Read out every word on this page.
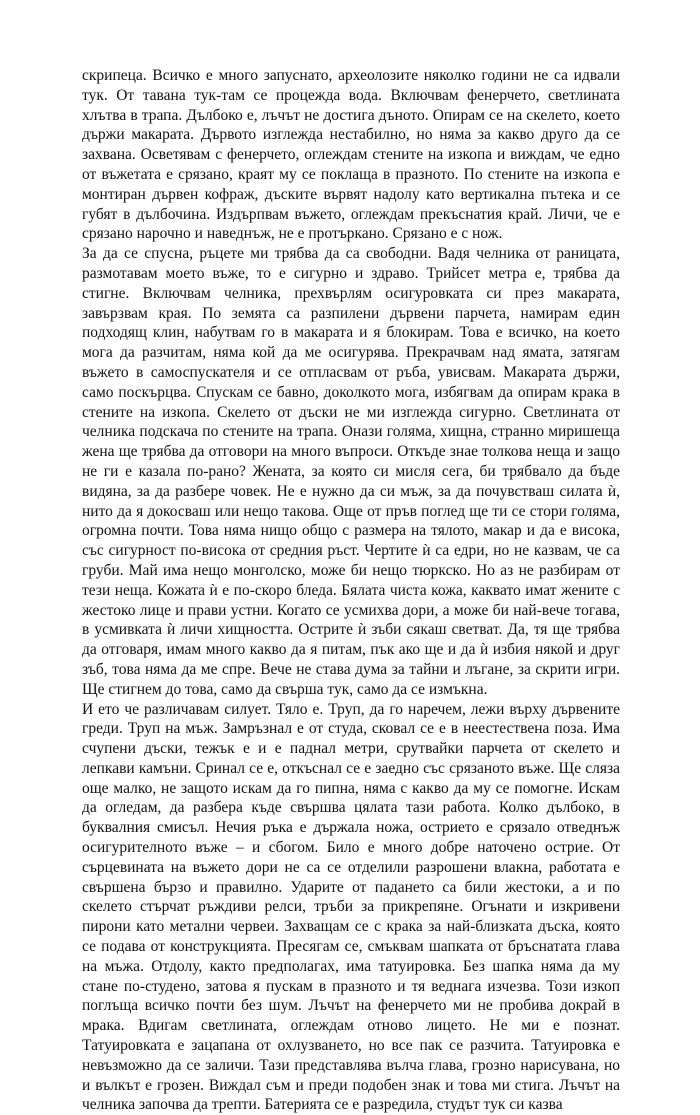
скрипеца. Всичко е много запуснато, археолозите няколко години не са идвали тук. От тавана тук-там се процежда вода. Включвам фенерчето, светлината хлътва в трапа. Дълбоко е, лъчът не достига дъното. Опирам се на скелето, което държи макарата. Дървото изглежда нестабилно, но няма за какво друго да се захвана. Осветявам с фенерчето, оглеждам стените на изкопа и виждам, че едно от въжетата е срязано, краят му се поклаща в празното. По стените на изкопа е монтиран дървен кофраж, дъските вървят надолу като вертикална пътека и се губят в дълбочина. Издърпвам въжето, оглеждам прекъснатия край. Личи, че е срязано нарочно и наведнъж, не е протъркано. Срязано е с нож.

За да се спусна, ръцете ми трябва да са свободни. Вадя челника от раницата, размотавам моето въже, то е сигурно и здраво. Трийсет метра е, трябва да стигне. Включвам челника, прехвърлям осигуровката си през макарата, завързвам края. По земята са разпилени дървени парчета, намирам един подходящ клин, набутвам го в макарата и я блокирам. Това е всичко, на което мога да разчитам, няма кой да ме осигурява. Прекрачвам над ямата, затягам въжето в самоспускателя и се отпласвам от ръба, увисвам. Макарата държи, само поскърцва. Спускам се бавно, доколкото мога, избягвам да опирам крака в стените на изкопа. Скелето от дъски не ми изглежда сигурно. Светлината от челника подскача по стените на трапа. Онази голяма, хищна, странно миришеща жена ще трябва да отговори на много въпроси. Откъде знае толкова неща и защо не ги е казала по-рано? Жената, за която си мисля сега, би трябвало да бъде видяна, за да разбере човек. Не е нужно да си мъж, за да почувстваш силата ѝ, нито да я докосваш или нещо такова. Още от пръв поглед ще ти се стори голяма, огромна почти. Това няма нищо общо с размера на тялото, макар и да е висока, със сигурност по-висока от средния ръст. Чертите ѝ са едри, но не казвам, че са груби. Май има нещо монголско, може би нещо тюркско. Но аз не разбирам от тези неща. Кожата ѝ е по-скоро бледа. Бялата чиста кожа, каквато имат жените с жестоко лице и прави устни. Когато се усмихва дори, а може би най-вече тогава, в усмивката ѝ личи хищността. Острите ѝ зъби сякаш светват. Да, тя ще трябва да отговаря, имам много какво да я питам, пък ако ще и да ѝ избия някой и друг зъб, това няма да ме спре. Вече не става дума за тайни и лъгане, за скрити игри. Ще стигнем до това, само да свърша тук, само да се измъкна.

И ето че различавам силует. Тяло е. Труп, да го наречем, лежи върху дървените греди. Труп на мъж. Замръзнал е от студа, сковал се е в неестествена поза. Има счупени дъски, тежък е и е паднал метри, срутвайки парчета от скелето и лепкави камъни. Сринал се е, откъснал се е заедно със срязаното въже. Ще сляза още малко, не защото искам да го пипна, няма с какво да му се помогне. Искам да огледам, да разбера къде свършва цялата тази работа. Колко дълбоко, в буквалния смисъл. Нечия ръка е държала ножа, острието е срязало отведнъж осигурителното въже – и сбогом. Било е много добре наточено острие. От сърцевината на въжето дори не са се отделили разрошени влакна, работата е свършена бързо и правилно. Ударите от падането са били жестоки, а и по скелето стърчат ръждиви релси, тръби за прикрепяне. Огънати и изкривени пирони като метални червеи. Захващам се с крака за най-близката дъска, която се подава от конструкцията. Пресягам се, смъквам шапката от бръснатата глава на мъжа. Отдолу, както предполагах, има татуировка. Без шапка няма да му стане по-студено, затова я пускам в празното и тя веднага изчезва. Този изкоп поглъща всичко почти без шум. Лъчът на фенерчето ми не пробива докрай в мрака. Вдигам светлината, оглеждам отново лицето. Не ми е познат. Татуировката е зацапана от охлузването, но все пак се разчита. Татуировка е невъзможно да се заличи. Тази представлява вълча глава, грозно нарисувана, но и вълкът е грозен. Виждал съм и преди подобен знак и това ми стига. Лъчът на челника започва да трепти. Батерията се е разредила, студът тук си казва
